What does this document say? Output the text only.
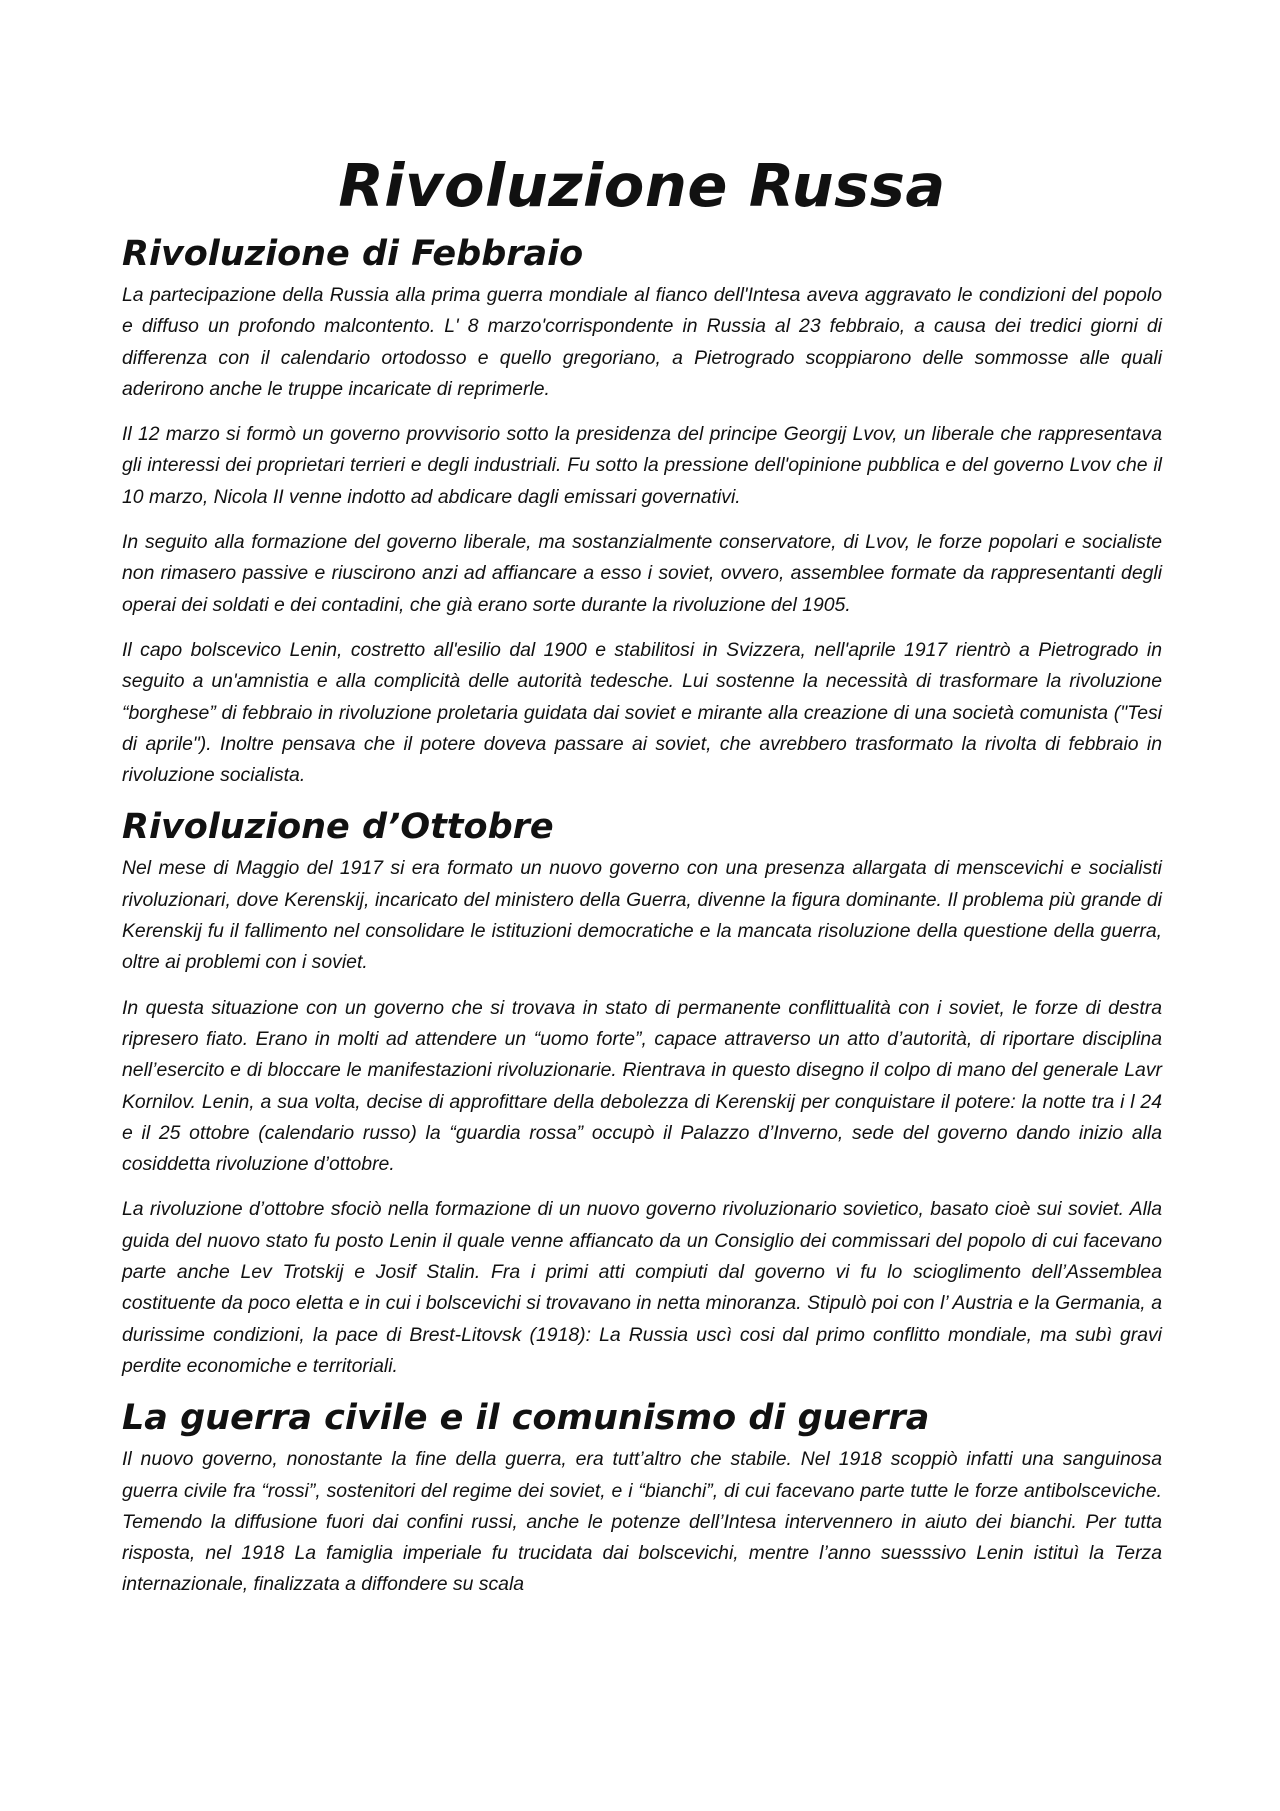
Rivoluzione Russa
Rivoluzione di Febbraio

La partecipazione della Russia alla prima guerra mondiale al fianco dell'Intesa aveva aggravato le condizioni del popolo e diffuso un profondo malcontento. L' 8 marzo'corrispondente in Russia al 23 febbraio, a causa dei tredici giorni di differenza con il calendario ortodosso e quello gregoriano, a Pietrogrado scoppiarono delle sommosse alle quali aderirono anche le truppe incaricate di reprimerle.

Il 12 marzo si formò un governo provvisorio sotto la presidenza del principe Georgij Lvov, un liberale che rappresentava gli interessi dei proprietari terrieri e degli industriali. Fu sotto la pressione dell'opinione pubblica e del governo Lvov che il 10 marzo, Nicola II venne indotto ad abdicare dagli emissari governativi.

In seguito alla formazione del governo liberale, ma sostanzialmente conservatore, di Lvov, le forze popolari e socialiste non rimasero passive e riuscirono anzi ad affiancare a esso i soviet, ovvero, assemblee formate da rappresentanti degli operai dei soldati e dei contadini, che già erano sorte durante la rivoluzione del 1905.

Il capo bolscevico Lenin, costretto all'esilio dal 1900 e stabilitosi in Svizzera, nell'aprile 1917 rientrò a Pietrogrado in seguito a un'amnistia e alla complicità delle autorità tedesche. Lui sostenne la necessità di trasformare la rivoluzione “borghese” di febbraio in rivoluzione proletaria guidata dai soviet e mirante alla creazione di una società comunista ("Tesi di aprile"). Inoltre pensava che il potere doveva passare ai soviet, che avrebbero trasformato la rivolta di febbraio in rivoluzione socialista.

Rivoluzione d’Ottobre

Nel mese di Maggio del 1917 si era formato un nuovo governo con una presenza allargata di menscevichi e socialisti rivoluzionari, dove Kerenskij, incaricato del ministero della Guerra, divenne la figura dominante. Il problema più grande di Kerenskij fu il fallimento nel consolidare le istituzioni democratiche e la mancata risoluzione della questione della guerra, oltre ai problemi con i soviet.

In questa situazione con un governo che si trovava in stato di permanente conflittualità con i soviet, le forze di destra ripresero fiato. Erano in molti ad attendere un “uomo forte”, capace attraverso un atto d’autorità, di riportare disciplina nell’esercito e di bloccare le manifestazioni rivoluzionarie. Rientrava in questo disegno il colpo di mano del generale Lavr Kornilov. Lenin, a sua volta, decise di approfittare della debolezza di Kerenskij per conquistare il potere: la notte tra i l 24 e il 25 ottobre (calendario russo) la “guardia rossa” occupò il Palazzo d’Inverno, sede del governo dando inizio alla cosiddetta rivoluzione d’ottobre.

La rivoluzione d’ottobre sfociò nella formazione di un nuovo governo rivoluzionario sovietico, basato cioè sui soviet. Alla guida del nuovo stato fu posto Lenin il quale venne affiancato da un Consiglio dei commissari del popolo di cui facevano parte anche Lev Trotskij e Josif Stalin. Fra i primi atti compiuti dal governo vi fu lo scioglimento dell’Assemblea costituente da poco eletta e in cui i bolscevichi si trovavano in netta minoranza. Stipulò poi con l’ Austria e la Germania, a durissime condizioni, la pace di Brest-Litovsk (1918): La Russia uscì cosi dal primo conflitto mondiale, ma subì gravi perdite economiche e territoriali.

La guerra civile e il comunismo di guerra

Il nuovo governo, nonostante la fine della guerra, era tutt’altro che stabile. Nel 1918 scoppiò infatti una sanguinosa guerra civile fra “rossi”, sostenitori del regime dei soviet, e i “bianchi”, di cui facevano parte tutte le forze antibolsceviche. Temendo la diffusione fuori dai confini russi, anche le potenze dell’Intesa intervennero in aiuto dei bianchi. Per tutta risposta, nel 1918 La famiglia imperiale fu trucidata dai bolscevichi, mentre l’anno suesssivo Lenin istituì la Terza internazionale, finalizzata a diffondere su scala
